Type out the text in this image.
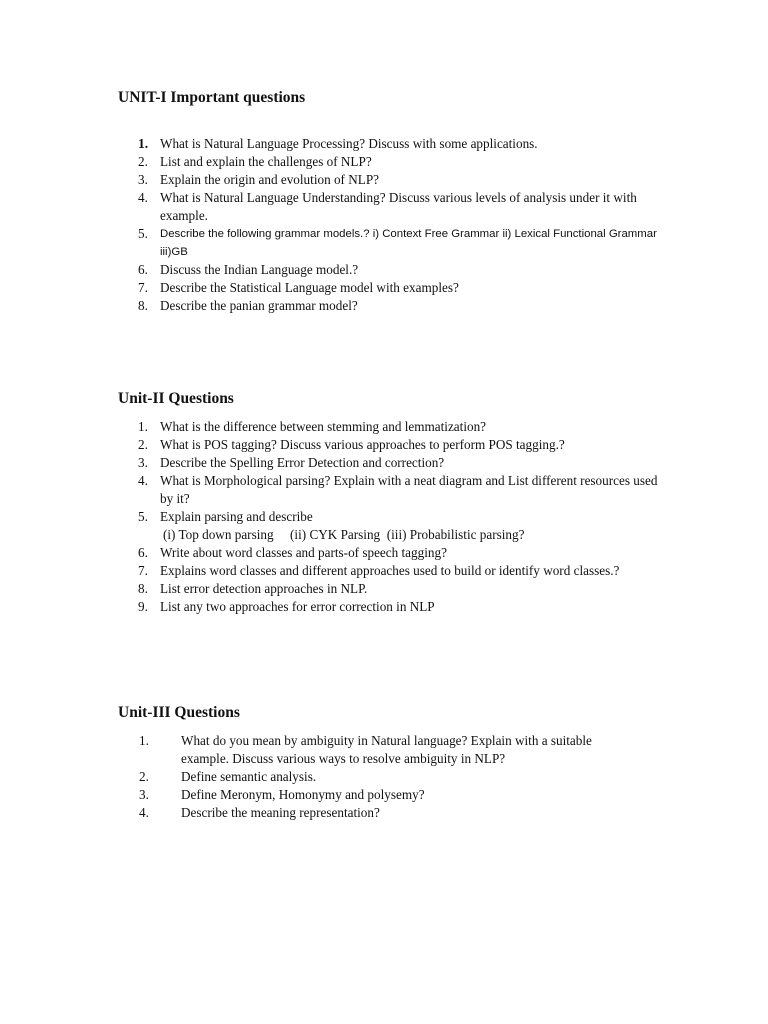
UNIT-I Important questions
1. What is Natural Language Processing? Discuss with some applications.
2. List and explain the challenges of NLP?
3. Explain the origin and evolution of NLP?
4. What is Natural Language Understanding? Discuss various levels of analysis under it with example.
5. Describe the following grammar models.? i) Context Free Grammar ii) Lexical Functional Grammar iii)GB
6. Discuss the Indian Language model.?
7. Describe the Statistical Language model with examples?
8. Describe the panian grammar model?
Unit-II Questions
1. What is the difference between stemming and lemmatization?
2. What is POS tagging? Discuss various approaches to perform POS tagging.?
3. Describe the Spelling Error Detection and correction?
4. What is Morphological parsing? Explain with a neat diagram and List different resources used by it?
5. Explain parsing and describe
(i) Top down parsing     (ii) CYK Parsing  (iii) Probabilistic parsing?
6. Write about word classes and parts-of speech tagging?
7. Explains word classes and different approaches used to build or identify word classes.?
8. List error detection approaches in NLP.
9. List any two approaches for error correction in NLP
Unit-III Questions
1. What do you mean by ambiguity in Natural language? Explain with a suitable example. Discuss various ways to resolve ambiguity in NLP?
2. Define semantic analysis.
3. Define Meronym, Homonymy and polysemy?
4. Describe the meaning representation?
